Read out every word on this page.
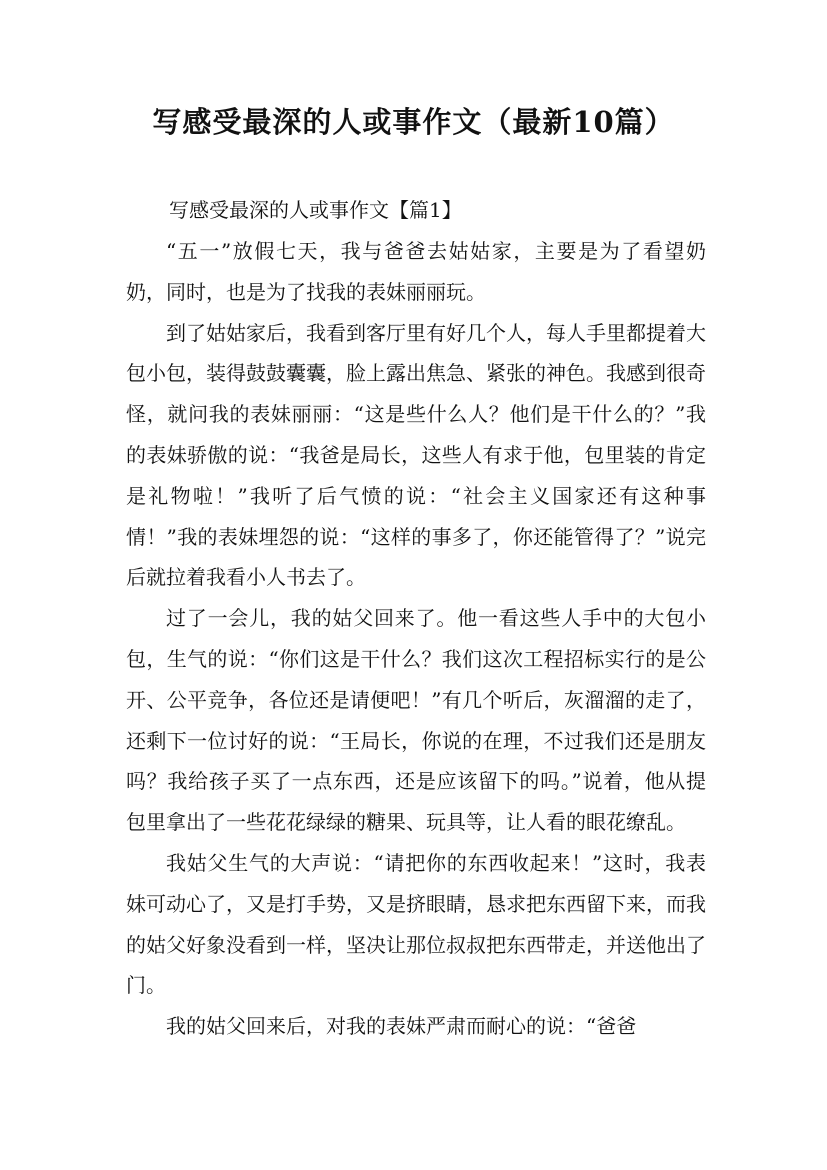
写感受最深的人或事作文（最新10篇）
写感受最深的人或事作文【篇1】

“五一”放假七天，我与爸爸去姑姑家，主要是为了看望奶奶，同时，也是为了找我的表妹丽丽玩。

到了姑姑家后，我看到客厅里有好几个人，每人手里都提着大包小包，装得鼓鼓囊囊，脸上露出焦急、紧张的神色。我感到很奇怪，就问我的表妹丽丽：“这是些什么人？他们是干什么的？”我的表妹骄傲的说：“我爸是局长，这些人有求于他，包里装的肯定是礼物啦！”我听了后气愤的说：“社会主义国家还有这种事情！”我的表妹埋怨的说：“这样的事多了，你还能管得了？”说完后就拉着我看小人书去了。

过了一会儿，我的姑父回来了。他一看这些人手中的大包小包，生气的说：“你们这是干什么？我们这次工程招标实行的是公开、公平竞争，各位还是请便吧！”有几个听后，灰溜溜的走了，还剩下一位讨好的说：“王局长，你说的在理，不过我们还是朋友吗？我给孩子买了一点东西，还是应该留下的吗。”说着，他从提包里拿出了一些花花绿绿的糖果、玩具等，让人看的眼花缭乱。

我姑父生气的大声说：“请把你的东西收起来！”这时，我表妹可动心了，又是打手势，又是挤眼睛，恳求把东西留下来，而我的姑父好象没看到一样，坚决让那位叔叔把东西带走，并送他出了门。

我的姑父回来后，对我的表妹严肃而耐心的说：“爸爸
